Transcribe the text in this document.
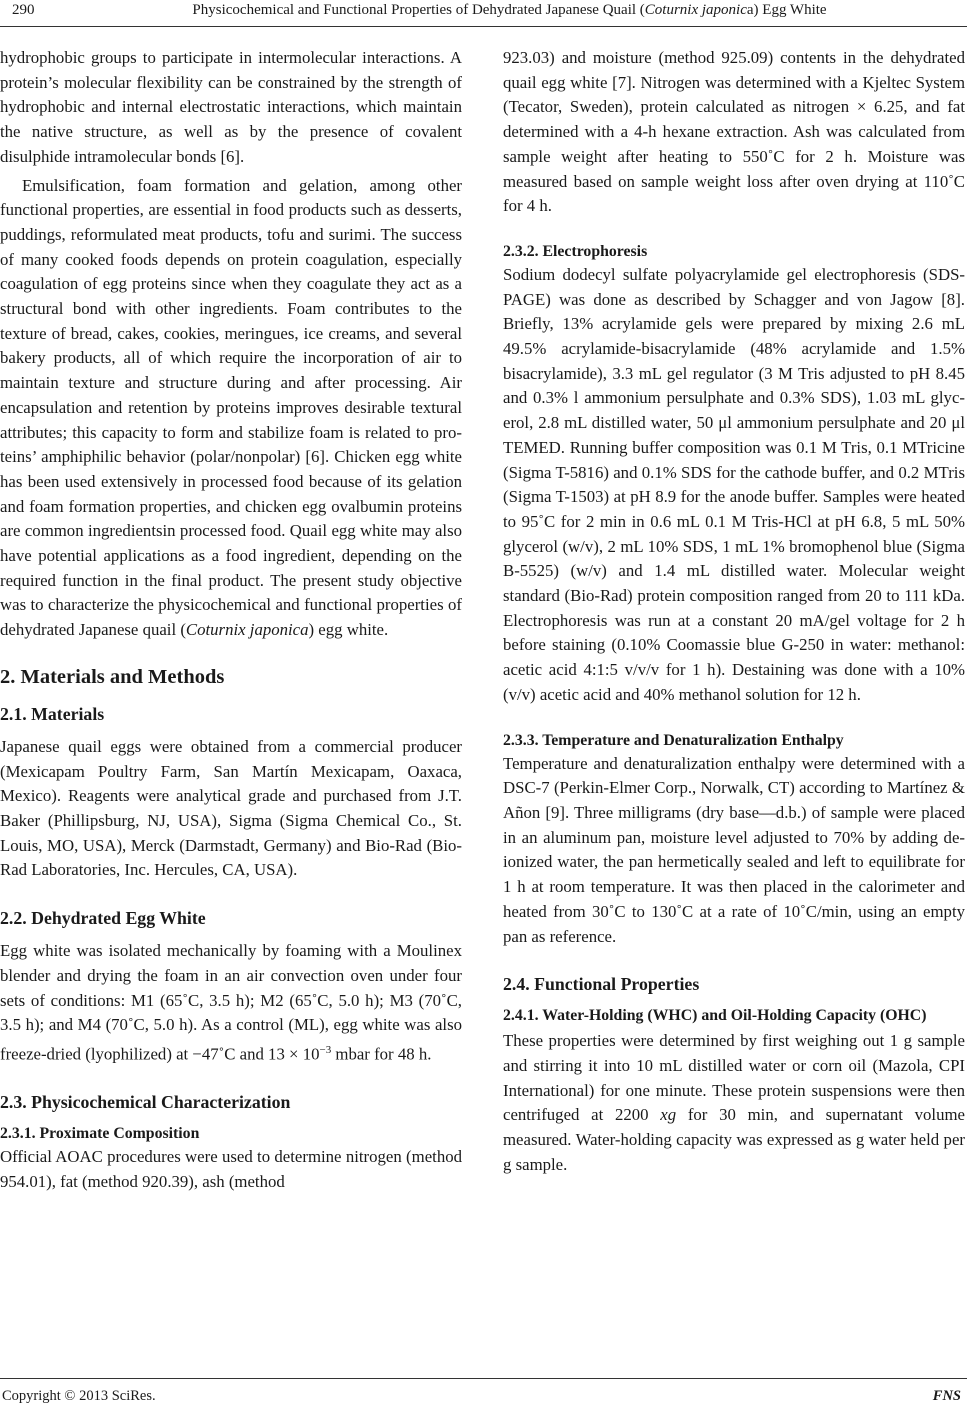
290	Physicochemical and Functional Properties of Dehydrated Japanese Quail (Coturnix japonica) Egg White

hydrophobic groups to participate in intermolecular interactions. A protein’s molecular flexibility can be constrained by the strength of hydrophobic and internal electrostatic interactions, which maintain the native structure, as well as by the presence of covalent disulphide intramolecular bonds [6].

Emulsification, foam formation and gelation, among other functional properties, are essential in food products such as desserts, puddings, reformulated meat products, tofu and surimi. The success of many cooked foods depends on protein coagulation, especially coagulation of egg proteins since when they coagulate they act as a structural bond with other ingredients. Foam contributes to the texture of bread, cakes, cookies, meringues, ice creams, and several bakery products, all of which require the incorporation of air to maintain texture and structure during and after processing. Air encapsulation and retention by proteins improves desirable textural attributes; this capacity to form and stabilize foam is related to proteins’ amphiphilic behavior (polar/nonpolar) [6]. Chicken egg white has been used extensively in processed food because of its gelation and foam formation properties, and chicken egg ovalbumin proteins are common ingredientsin processed food. Quail egg white may also have potential applications as a food ingredient, depending on the required function in the final product. The present study objective was to characterize the physicochemical and functional properties of dehydrated Japanese quail (Coturnix japonica) egg white.

2. Materials and Methods
2.1. Materials

Japanese quail eggs were obtained from a commercial producer (Mexicapam Poultry Farm, San Martín Mexicapam, Oaxaca, Mexico). Reagents were analytical grade and purchased from J.T. Baker (Phillipsburg, NJ, USA), Sigma (Sigma Chemical Co., St. Louis, MO, USA), Merck (Darmstadt, Germany) and Bio-Rad (Bio-Rad Laboratories, Inc. Hercules, CA, USA).

2.2. Dehydrated Egg White

Egg white was isolated mechanically by foaming with a Moulinex blender and drying the foam in an air convection oven under four sets of conditions: M1 (65˚C, 3.5 h); M2 (65˚C, 5.0 h); M3 (70˚C, 3.5 h); and M4 (70˚C, 5.0 h). As a control (ML), egg white was also freeze-dried (lyophilized) at −47˚C and $13 \times 10^{-3}$ mbar for 48 h.

2.3. Physicochemical Characterization
2.3.1. Proximate Composition

Official AOAC procedures were used to determine nitrogen (method 954.01), fat (method 920.39), ash (method

923.03) and moisture (method 925.09) contents in the dehydrated quail egg white [7]. Nitrogen was determined with a Kjeltec System (Tecator, Sweden), protein calculated as nitrogen × 6.25, and fat determined with a 4-h hexane extraction. Ash was calculated from sample weight after heating to 550˚C for 2 h. Moisture was measured based on sample weight loss after oven drying at 110˚C for 4 h.

2.3.2. Electrophoresis

Sodium dodecyl sulfate polyacrylamide gel electrophoresis (SDS-PAGE) was done as described by Schagger and von Jagow [8]. Briefly, 13% acrylamide gels were prepared by mixing 2.6 mL 49.5% acrylamide-bisacrylamide (48% acrylamide and 1.5% bisacrylamide), 3.3 mL gel regulator (3 M Tris adjusted to pH 8.45 and 0.3% l ammonium persulphate and 0.3% SDS), 1.03 mL glycerol, 2.8 mL distilled water, 50 μl ammonium persulphate and 20 μl TEMED. Running buffer composition was 0.1 M Tris, 0.1 MTricine (Sigma T-5816) and 0.1% SDS for the cathode buffer, and 0.2 MTris (Sigma T-1503) at pH 8.9 for the anode buffer. Samples were heated to 95˚C for 2 min in 0.6 mL 0.1 M Tris-HCl at pH 6.8, 5 mL 50% glycerol (w/v), 2 mL 10% SDS, 1 mL 1% bromophenol blue (Sigma B-5525) (w/v) and 1.4 mL distilled water. Molecular weight standard (Bio-Rad) protein composition ranged from 20 to 111 kDa. Electrophoresis was run at a constant 20 mA/gel voltage for 2 h before staining (0.10% Coomassie blue G-250 in water: methanol: acetic acid 4:1:5 v/v/v for 1 h). Destaining was done with a 10% (v/v) acetic acid and 40% methanol solution for 12 h.

2.3.3. Temperature and Denaturalization Enthalpy

Temperature and denaturalization enthalpy were determined with a DSC-7 (Perkin-Elmer Corp., Norwalk, CT) according to Martínez & Añon [9]. Three milligrams (dry base—d.b.) of sample were placed in an aluminum pan, moisture level adjusted to 70% by adding de-ionized water, the pan hermetically sealed and left to equilibrate for 1 h at room temperature. It was then placed in the calorimeter and heated from 30˚C to 130˚C at a rate of 10˚C/min, using an empty pan as reference.

2.4. Functional Properties
2.4.1. Water-Holding (WHC) and Oil-Holding Capacity (OHC)

These properties were determined by first weighing out 1 g sample and stirring it into 10 mL distilled water or corn oil (Mazola, CPI International) for one minute. These protein suspensions were then centrifuged at 2200 xg for 30 min, and supernatant volume measured. Water-holding capacity was expressed as g water held per g sample.

Copyright © 2013 SciRes.	FNS
